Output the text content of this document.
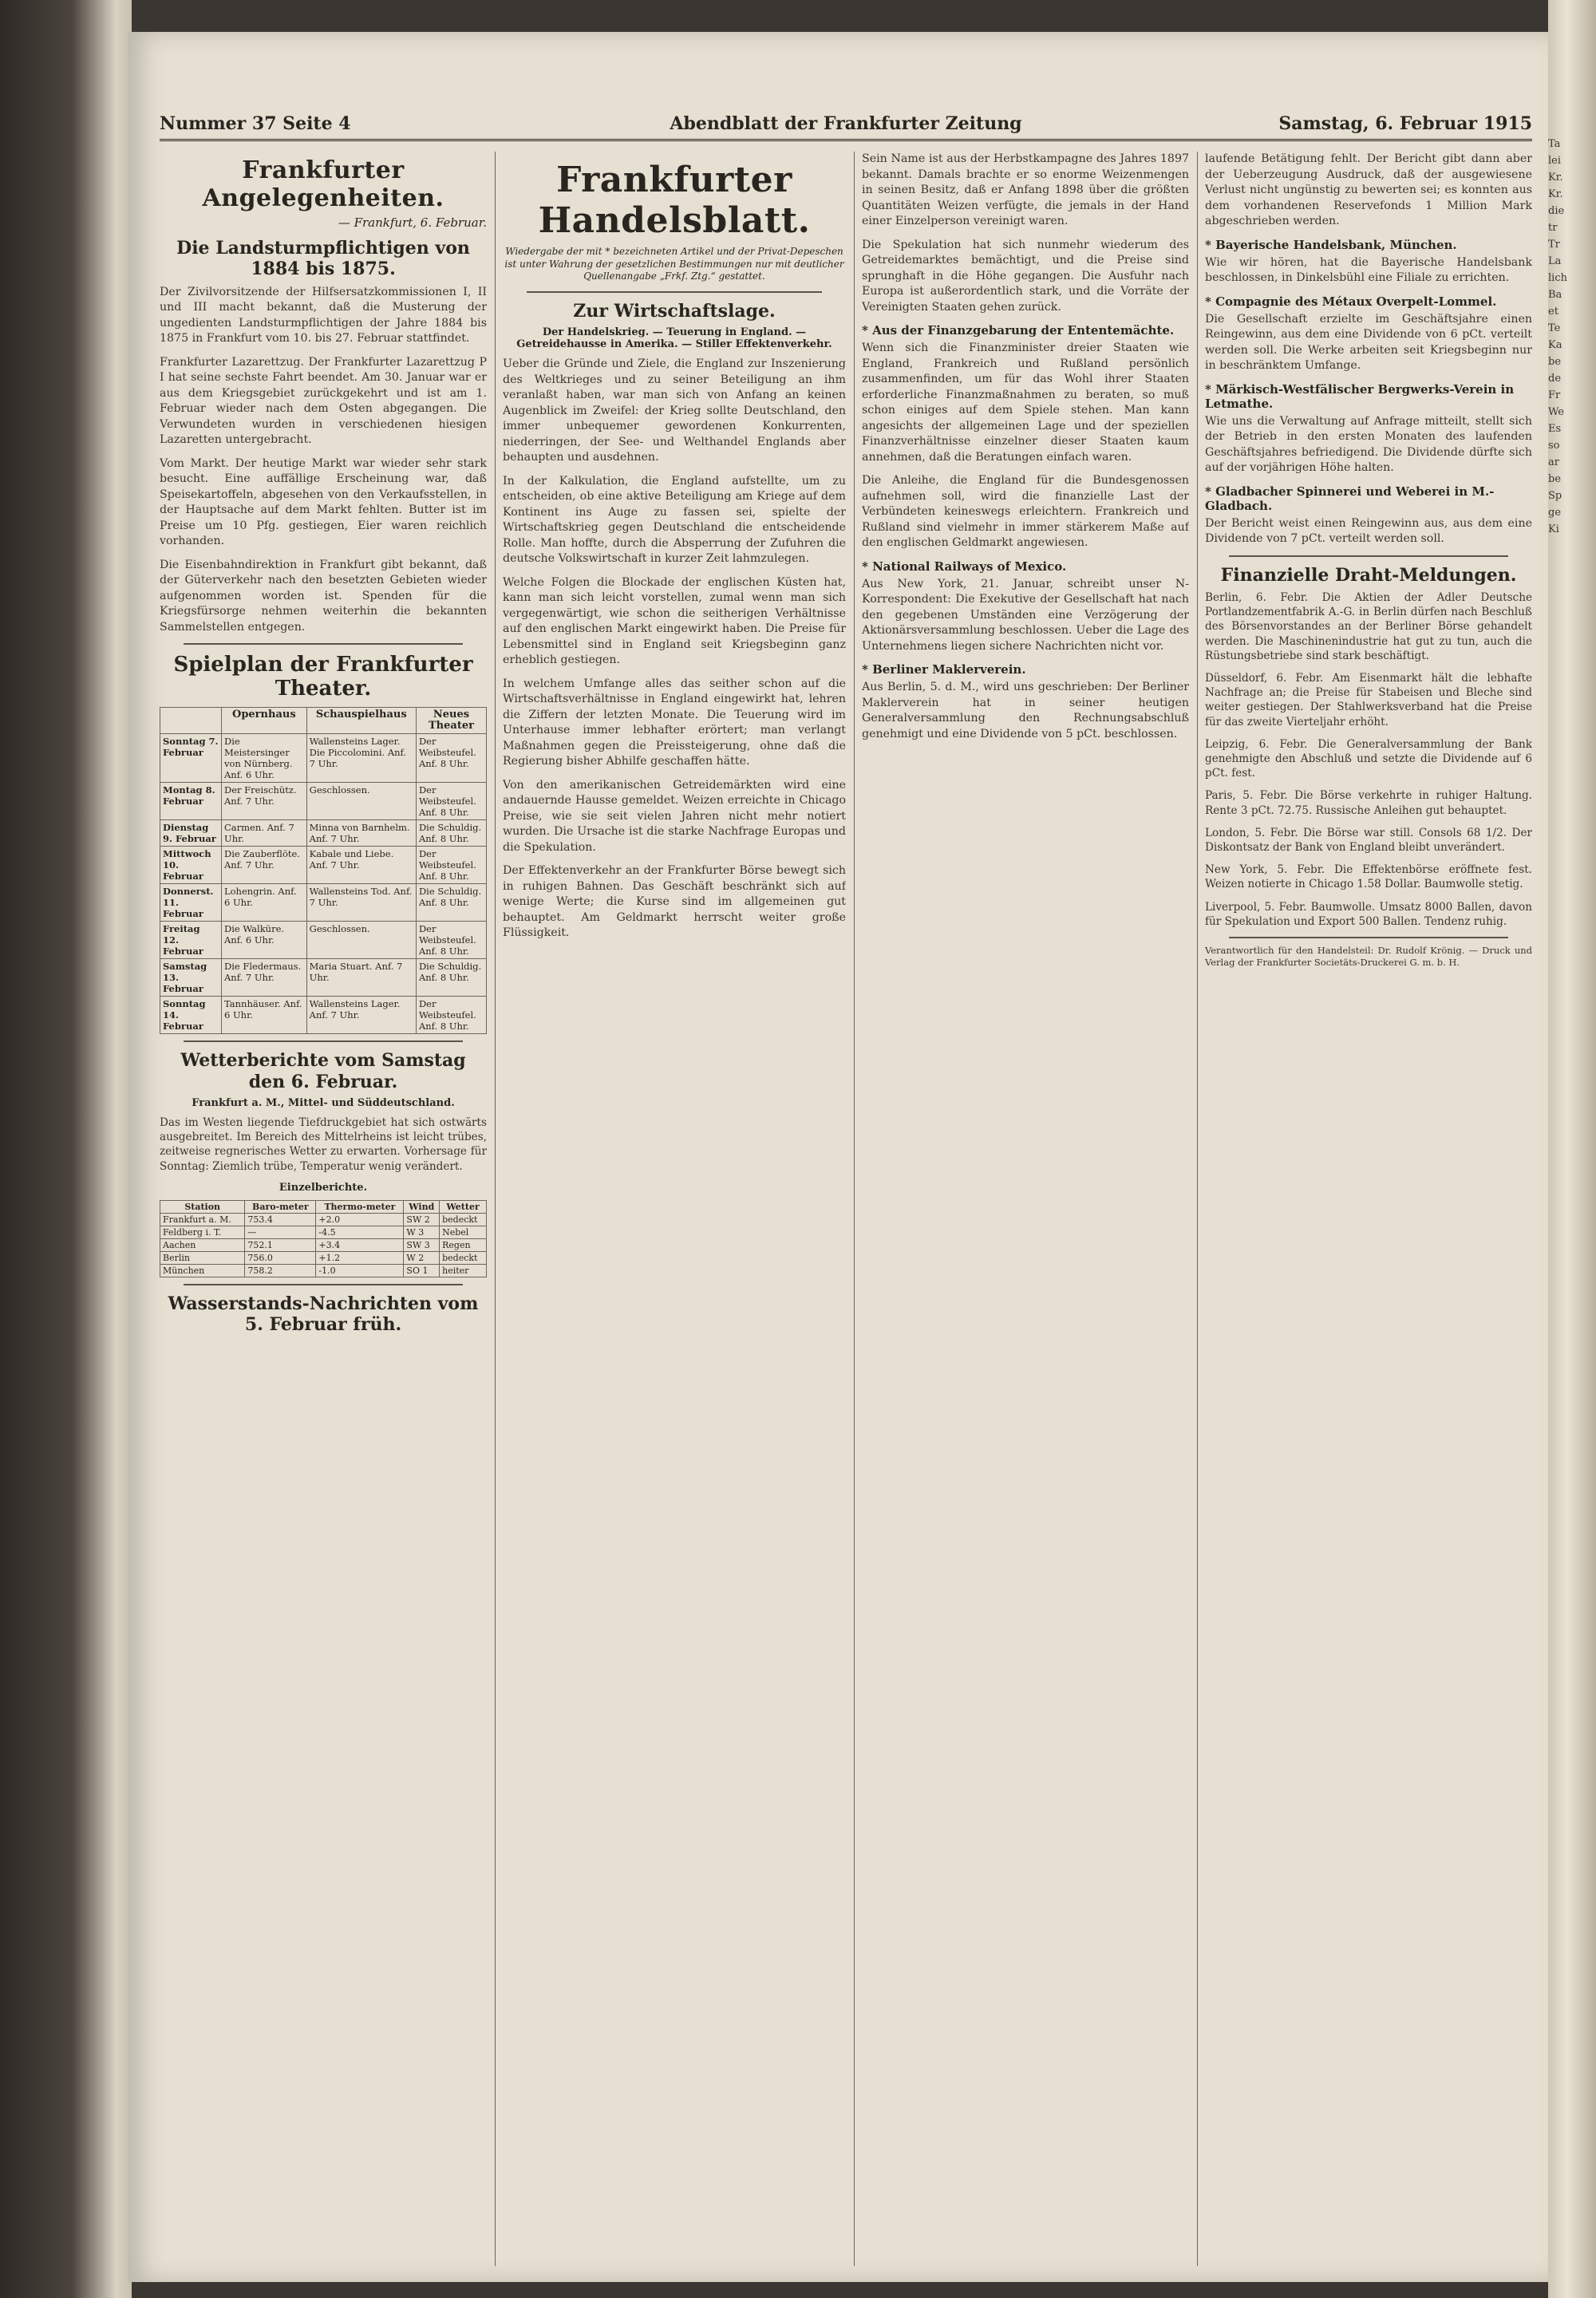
Nummer 37 Seite 4	Abendblatt der Frankfurter Zeitung	Samstag, 6. Februar 1915
Frankfurter Angelegenheiten.
— Frankfurt, 6. Februar.
Die Landsturmpflichtigen von 1884 bis 1875.

Der Zivilvorsitzende der Hilfsersatzkommissionen I, II und III macht bekannt, daß die Musterung der ungedienten Landsturmpflichtigen der Jahre 1884 bis 1875 in Frankfurt vom 10. bis 27. Februar stattfindet.

Frankfurter Lazarettzug. Der Frankfurter Lazarettzug P I hat seine sechste Fahrt beendet. Am 30. Januar war er aus dem Kriegsgebiet zurückgekehrt und ist am 1. Februar wieder nach dem Osten abgegangen. Die Verwundeten wurden in verschiedenen hiesigen Lazaretten untergebracht.

Vom Markt. Der heutige Markt war wieder sehr stark besucht. Eine auffällige Erscheinung war, daß Speisekartoffeln, abgesehen von den Verkaufsstellen, in der Hauptsache auf dem Markt fehlten. Butter ist im Preise um 10 Pfg. gestiegen, Eier waren reichlich vorhanden.

Die Eisenbahndirektion in Frankfurt gibt bekannt, daß der Güterverkehr nach den besetzten Gebieten wieder aufgenommen worden ist. Spenden für die Kriegsfürsorge nehmen weiterhin die bekannten Sammelstellen entgegen.

Spielplan der Frankfurter Theater.
	Opernhaus	Schauspielhaus	Neues Theater
Sonntag 7. Februar	Die Meistersinger von Nürnberg. Anf. 6 Uhr.	Wallensteins Lager. Die Piccolomini. Anf. 7 Uhr.	Der Weibsteufel. Anf. 8 Uhr.
Montag 8. Februar	Der Freischütz. Anf. 7 Uhr.	Geschlossen.	Der Weibsteufel. Anf. 8 Uhr.
Dienstag 9. Februar	Carmen. Anf. 7 Uhr.	Minna von Barnhelm. Anf. 7 Uhr.	Die Schuldig. Anf. 8 Uhr.
Mittwoch 10. Februar	Die Zauberflöte. Anf. 7 Uhr.	Kabale und Liebe. Anf. 7 Uhr.	Der Weibsteufel. Anf. 8 Uhr.
Donnerst. 11. Februar	Lohengrin. Anf. 6 Uhr.	Wallensteins Tod. Anf. 7 Uhr.	Die Schuldig. Anf. 8 Uhr.
Freitag 12. Februar	Die Walküre. Anf. 6 Uhr.	Geschlossen.	Der Weibsteufel. Anf. 8 Uhr.
Samstag 13. Februar	Die Fledermaus. Anf. 7 Uhr.	Maria Stuart. Anf. 7 Uhr.	Die Schuldig. Anf. 8 Uhr.
Sonntag 14. Februar	Tannhäuser. Anf. 6 Uhr.	Wallensteins Lager. Anf. 7 Uhr.	Der Weibsteufel. Anf. 8 Uhr.
Wetterberichte vom Samstag den 6. Februar.
Frankfurt a. M., Mittel- und Süddeutschland.

Das im Westen liegende Tiefdruckgebiet hat sich ostwärts ausgebreitet. Im Bereich des Mittelrheins ist leicht trübes, zeitweise regnerisches Wetter zu erwarten. Vorhersage für Sonntag: Ziemlich trübe, Temperatur wenig verändert.

Einzelberichte.
Station	Baro-meter	Thermo-meter	Wind	Wetter
Frankfurt a. M.	753.4	+2.0	SW 2	bedeckt
Feldberg i. T.	—	-4.5	W 3	Nebel
Aachen	752.1	+3.4	SW 3	Regen
Berlin	756.0	+1.2	W 2	bedeckt
München	758.2	-1.0	SO 1	heiter
Wasserstands-Nachrichten vom 5. Februar früh.
Frankfurter Handelsblatt.
Wiedergabe der mit * bezeichneten Artikel und der Privat-Depeschen ist unter Wahrung der gesetzlichen Bestimmungen nur mit deutlicher Quellenangabe „Frkf. Ztg.“ gestattet.
Zur Wirtschaftslage.
Der Handelskrieg. — Teuerung in England. — Getreidehausse in Amerika. — Stiller Effektenverkehr.

Ueber die Gründe und Ziele, die England zur Inszenierung des Weltkrieges und zu seiner Beteiligung an ihm veranlaßt haben, war man sich von Anfang an keinen Augenblick im Zweifel: der Krieg sollte Deutschland, den immer unbequemer gewordenen Konkurrenten, niederringen, der See- und Welthandel Englands aber behaupten und ausdehnen.

In der Kalkulation, die England aufstellte, um zu entscheiden, ob eine aktive Beteiligung am Kriege auf dem Kontinent ins Auge zu fassen sei, spielte der Wirtschaftskrieg gegen Deutschland die entscheidende Rolle. Man hoffte, durch die Absperrung der Zufuhren die deutsche Volkswirtschaft in kurzer Zeit lahmzulegen.

Welche Folgen die Blockade der englischen Küsten hat, kann man sich leicht vorstellen, zumal wenn man sich vergegenwärtigt, wie schon die seitherigen Verhältnisse auf den englischen Markt eingewirkt haben. Die Preise für Lebensmittel sind in England seit Kriegsbeginn ganz erheblich gestiegen.

In welchem Umfange alles das seither schon auf die Wirtschaftsverhältnisse in England eingewirkt hat, lehren die Ziffern der letzten Monate. Die Teuerung wird im Unterhause immer lebhafter erörtert; man verlangt Maßnahmen gegen die Preissteigerung, ohne daß die Regierung bisher Abhilfe geschaffen hätte.

Von den amerikanischen Getreidemärkten wird eine andauernde Hausse gemeldet. Weizen erreichte in Chicago Preise, wie sie seit vielen Jahren nicht mehr notiert wurden. Die Ursache ist die starke Nachfrage Europas und die Spekulation.

Der Effektenverkehr an der Frankfurter Börse bewegt sich in ruhigen Bahnen. Das Geschäft beschränkt sich auf wenige Werte; die Kurse sind im allgemeinen gut behauptet. Am Geldmarkt herrscht weiter große Flüssigkeit.

Sein Name ist aus der Herbstkampagne des Jahres 1897 bekannt. Damals brachte er so enorme Weizenmengen in seinen Besitz, daß er Anfang 1898 über die größten Quantitäten Weizen verfügte, die jemals in der Hand einer Einzelperson vereinigt waren.

Die Spekulation hat sich nunmehr wiederum des Getreidemarktes bemächtigt, und die Preise sind sprunghaft in die Höhe gegangen. Die Ausfuhr nach Europa ist außerordentlich stark, und die Vorräte der Vereinigten Staaten gehen zurück.

* Aus der Finanzgebarung der Ententemächte.

Wenn sich die Finanzminister dreier Staaten wie England, Frankreich und Rußland persönlich zusammenfinden, um für das Wohl ihrer Staaten erforderliche Finanzmaßnahmen zu beraten, so muß schon einiges auf dem Spiele stehen. Man kann angesichts der allgemeinen Lage und der speziellen Finanzverhältnisse einzelner dieser Staaten kaum annehmen, daß die Beratungen einfach waren.

Die Anleihe, die England für die Bundesgenossen aufnehmen soll, wird die finanzielle Last der Verbündeten keineswegs erleichtern. Frankreich und Rußland sind vielmehr in immer stärkerem Maße auf den englischen Geldmarkt angewiesen.

* National Railways of Mexico.

Aus New York, 21. Januar, schreibt unser N-Korrespondent: Die Exekutive der Gesellschaft hat nach den gegebenen Umständen eine Verzögerung der Aktionärsversammlung beschlossen. Ueber die Lage des Unternehmens liegen sichere Nachrichten nicht vor.

* Berliner Maklerverein.

Aus Berlin, 5. d. M., wird uns geschrieben: Der Berliner Maklerverein hat in seiner heutigen Generalversammlung den Rechnungsabschluß genehmigt und eine Dividende von 5 pCt. beschlossen.

laufende Betätigung fehlt. Der Bericht gibt dann aber der Ueberzeugung Ausdruck, daß der ausgewiesene Verlust nicht ungünstig zu bewerten sei; es konnten aus dem vorhandenen Reservefonds 1 Million Mark abgeschrieben werden.

* Bayerische Handelsbank, München.

Wie wir hören, hat die Bayerische Handelsbank beschlossen, in Dinkelsbühl eine Filiale zu errichten.

* Compagnie des Métaux Overpelt-Lommel.

Die Gesellschaft erzielte im Geschäftsjahre einen Reingewinn, aus dem eine Dividende von 6 pCt. verteilt werden soll. Die Werke arbeiten seit Kriegsbeginn nur in beschränktem Umfange.

* Märkisch-Westfälischer Bergwerks-Verein in Letmathe.

Wie uns die Verwaltung auf Anfrage mitteilt, stellt sich der Betrieb in den ersten Monaten des laufenden Geschäftsjahres befriedigend. Die Dividende dürfte sich auf der vorjährigen Höhe halten.

* Gladbacher Spinnerei und Weberei in M.-Gladbach.

Der Bericht weist einen Reingewinn aus, aus dem eine Dividende von 7 pCt. verteilt werden soll.

Finanzielle Draht-Meldungen.

Berlin, 6. Febr. Die Aktien der Adler Deutsche Portlandzementfabrik A.-G. in Berlin dürfen nach Beschluß des Börsenvorstandes an der Berliner Börse gehandelt werden. Die Maschinenindustrie hat gut zu tun, auch die Rüstungsbetriebe sind stark beschäftigt.

Düsseldorf, 6. Febr. Am Eisenmarkt hält die lebhafte Nachfrage an; die Preise für Stabeisen und Bleche sind weiter gestiegen. Der Stahlwerksverband hat die Preise für das zweite Vierteljahr erhöht.

Leipzig, 6. Febr. Die Generalversammlung der Bank genehmigte den Abschluß und setzte die Dividende auf 6 pCt. fest.

Paris, 5. Febr. Die Börse verkehrte in ruhiger Haltung. Rente 3 pCt. 72.75. Russische Anleihen gut behauptet.

London, 5. Febr. Die Börse war still. Consols 68 1/2. Der Diskontsatz der Bank von England bleibt unverändert.

New York, 5. Febr. Die Effektenbörse eröffnete fest. Weizen notierte in Chicago 1.58 Dollar. Baumwolle stetig.

Liverpool, 5. Febr. Baumwolle. Umsatz 8000 Ballen, davon für Spekulation und Export 500 Ballen. Tendenz ruhig.

Verantwortlich für den Handelsteil: Dr. Rudolf Krönig. — Druck und Verlag der Frankfurter Societäts-Druckerei G. m. b. H.

Ta
lei
Kr.
Kr.
die
tr
Tr
La
lich
Ba
et
Te
Ka
be
de
Fr
We
Es
so
ar
be
Sp
ge
Ki
